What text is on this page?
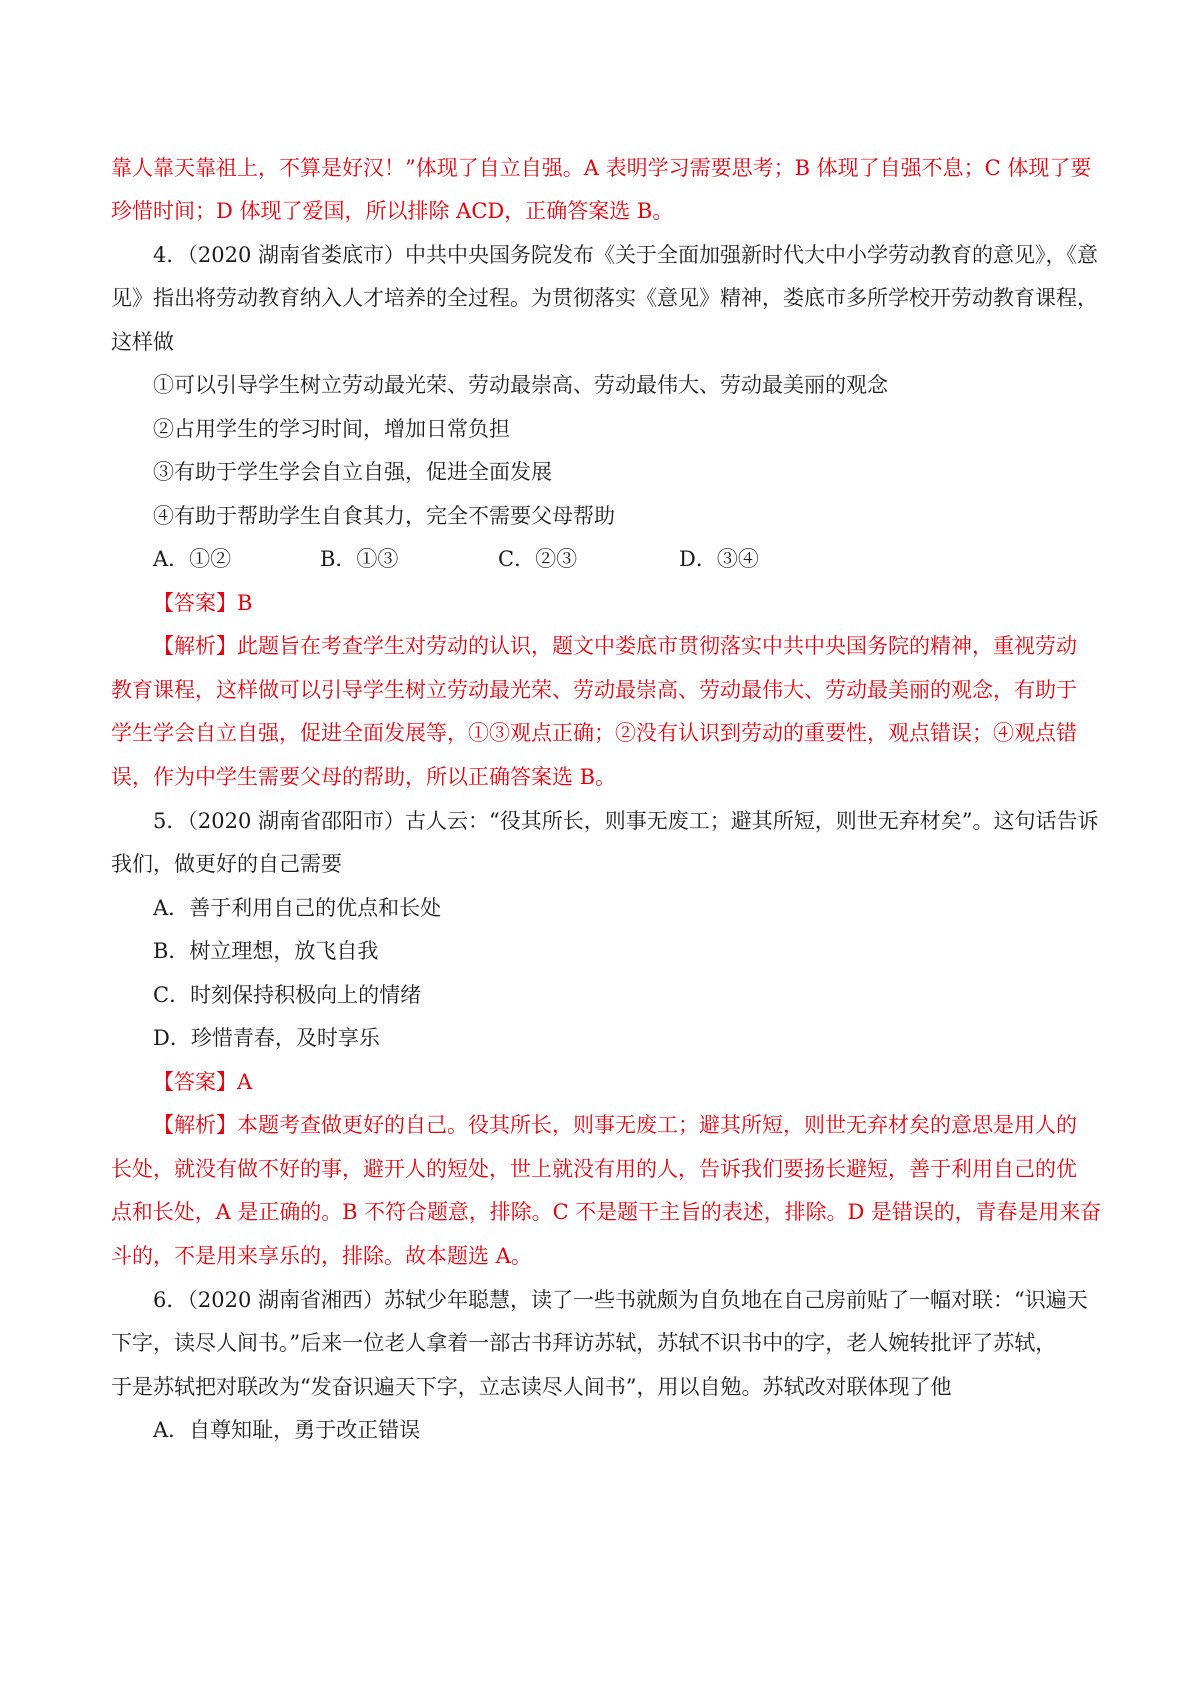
靠人靠天靠祖上，不算是好汉！”体现了自立自强。A 表明学习需要思考；B 体现了自强不息；C 体现了要
珍惜时间；D 体现了爱国，所以排除 ACD，正确答案选 B。
4．（2020 湖南省娄底市）中共中央国务院发布《关于全面加强新时代大中小学劳动教育的意见》，《意
见》指出将劳动教育纳入人才培养的全过程。为贯彻落实《意见》精神，娄底市多所学校开劳动教育课程，
这样做
①可以引导学生树立劳动最光荣、劳动最崇高、劳动最伟大、劳动最美丽的观念
②占用学生的学习时间，增加日常负担
③有助于学生学会自立自强，促进全面发展
④有助于帮助学生自食其力，完全不需要父母帮助
A．①②	B．①③	C．②③	D．③④
【答案】B
【解析】此题旨在考查学生对劳动的认识，题文中娄底市贯彻落实中共中央国务院的精神，重视劳动
教育课程，这样做可以引导学生树立劳动最光荣、劳动最崇高、劳动最伟大、劳动最美丽的观念，有助于
学生学会自立自强，促进全面发展等，①③观点正确；②没有认识到劳动的重要性，观点错误；④观点错
误，作为中学生需要父母的帮助，所以正确答案选 B。
5．（2020 湖南省邵阳市）古人云：“役其所长，则事无废工；避其所短，则世无弃材矣”。这句话告诉
我们，做更好的自己需要
A．善于利用自己的优点和长处
B．树立理想，放飞自我
C．时刻保持积极向上的情绪
D．珍惜青春，及时享乐
【答案】A
【解析】本题考查做更好的自己。役其所长，则事无废工；避其所短，则世无弃材矣的意思是用人的
长处，就没有做不好的事，避开人的短处，世上就没有用的人，告诉我们要扬长避短，善于利用自己的优
点和长处，A 是正确的。B 不符合题意，排除。C 不是题干主旨的表述，排除。D 是错误的，青春是用来奋
斗的，不是用来享乐的，排除。故本题选 A。
6．（2020 湖南省湘西）苏轼少年聪慧，读了一些书就颇为自负地在自己房前贴了一幅对联：“识遍天
下字，读尽人间书。”后来一位老人拿着一部古书拜访苏轼，苏轼不识书中的字，老人婉转批评了苏轼，
于是苏轼把对联改为“发奋识遍天下字，立志读尽人间书”，用以自勉。苏轼改对联体现了他
A．自尊知耻，勇于改正错误
